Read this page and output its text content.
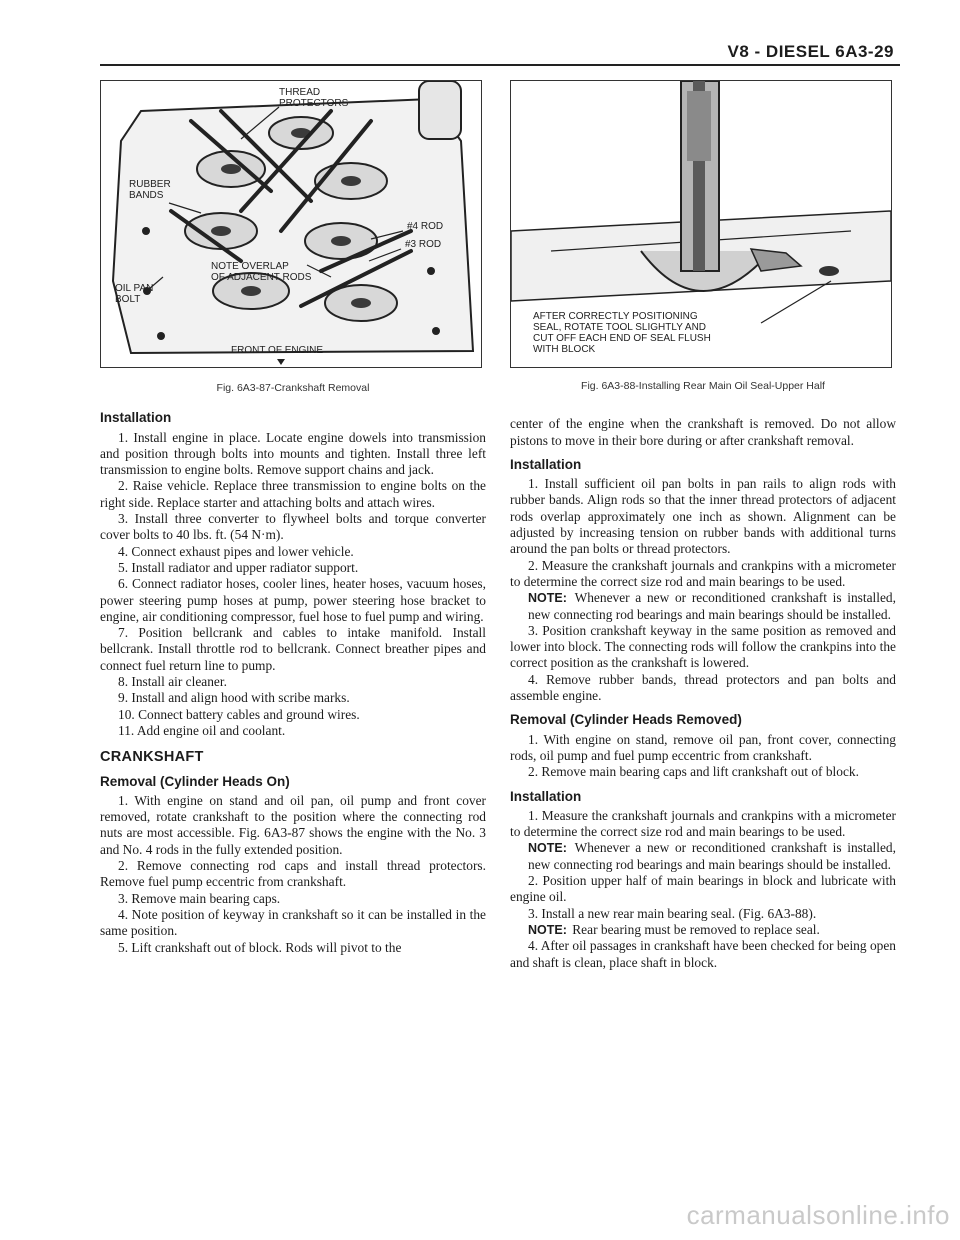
V8 - DIESEL 6A3-29
THREAD
PROTECTORS
RUBBER
BANDS
#4 ROD
#3 ROD
NOTE OVERLAP
OF ADJACENT RODS
OIL PAN
BOLT
FRONT OF ENGINE
Fig. 6A3-87-Crankshaft Removal
Installation

1. Install engine in place. Locate engine dowels into transmission and position through bolts into mounts and tighten. Install three left transmission to engine bolts. Remove support chains and jack.

2. Raise vehicle. Replace three transmission to engine bolts on the right side. Replace starter and attaching bolts and attach wires.

3. Install three converter to flywheel bolts and torque converter cover bolts to 40 lbs. ft. (54 N·m).

4. Connect exhaust pipes and lower vehicle.

5. Install radiator and upper radiator support.

6. Connect radiator hoses, cooler lines, heater hoses, vacuum hoses, power steering pump hoses at pump, power steering hose bracket to engine, air conditioning compressor, fuel hose to fuel pump and wiring.

7. Position bellcrank and cables to intake manifold. Install bellcrank. Install throttle rod to bellcrank. Connect breather pipes and connect fuel return line to pump.

8. Install air cleaner.

9. Install and align hood with scribe marks.

10. Connect battery cables and ground wires.

11. Add engine oil and coolant.

CRANKSHAFT
Removal (Cylinder Heads On)

1. With engine on stand and oil pan, oil pump and front cover removed, rotate crankshaft to the position where the connecting rod nuts are most accessible. Fig. 6A3-87 shows the engine with the No. 3 and No. 4 rods in the fully extended position.

2. Remove connecting rod caps and install thread protectors. Remove fuel pump eccentric from crankshaft.

3. Remove main bearing caps.

4. Note position of keyway in crankshaft so it can be installed in the same position.

5. Lift crankshaft out of block. Rods will pivot to the

AFTER CORRECTLY POSITIONING
SEAL, ROTATE TOOL SLIGHTLY AND
CUT OFF EACH END OF SEAL FLUSH
WITH BLOCK
Fig. 6A3-88-Installing Rear Main Oil Seal-Upper Half

center of the engine when the crankshaft is removed. Do not allow pistons to move in their bore during or after crankshaft removal.

Installation

1. Install sufficient oil pan bolts in pan rails to align rods with rubber bands. Align rods so that the inner thread protectors of adjacent rods overlap approximately one inch as shown. Alignment can be adjusted by increasing tension on rubber bands with additional turns around the pan bolts or thread protectors.

2. Measure the crankshaft journals and crankpins with a micrometer to determine the correct size rod and main bearings to be used.

NOTE: Whenever a new or reconditioned crankshaft is installed, new connecting rod bearings and main bearings should be installed.

3. Position crankshaft keyway in the same position as removed and lower into block. The connecting rods will follow the crankpins into the correct position as the crankshaft is lowered.

4. Remove rubber bands, thread protectors and pan bolts and assemble engine.

Removal (Cylinder Heads Removed)

1. With engine on stand, remove oil pan, front cover, connecting rods, oil pump and fuel pump eccentric from crankshaft.

2. Remove main bearing caps and lift crankshaft out of block.

Installation

1. Measure the crankshaft journals and crankpins with a micrometer to determine the correct size rod and main bearings to be used.

NOTE: Whenever a new or reconditioned crankshaft is installed, new connecting rod bearings and main bearings should be installed.

2. Position upper half of main bearings in block and lubricate with engine oil.

3. Install a new rear main bearing seal. (Fig. 6A3-88).

NOTE: Rear bearing must be removed to replace seal.

4. After oil passages in crankshaft have been checked for being open and shaft is clean, place shaft in block.

carmanualsonline.info
